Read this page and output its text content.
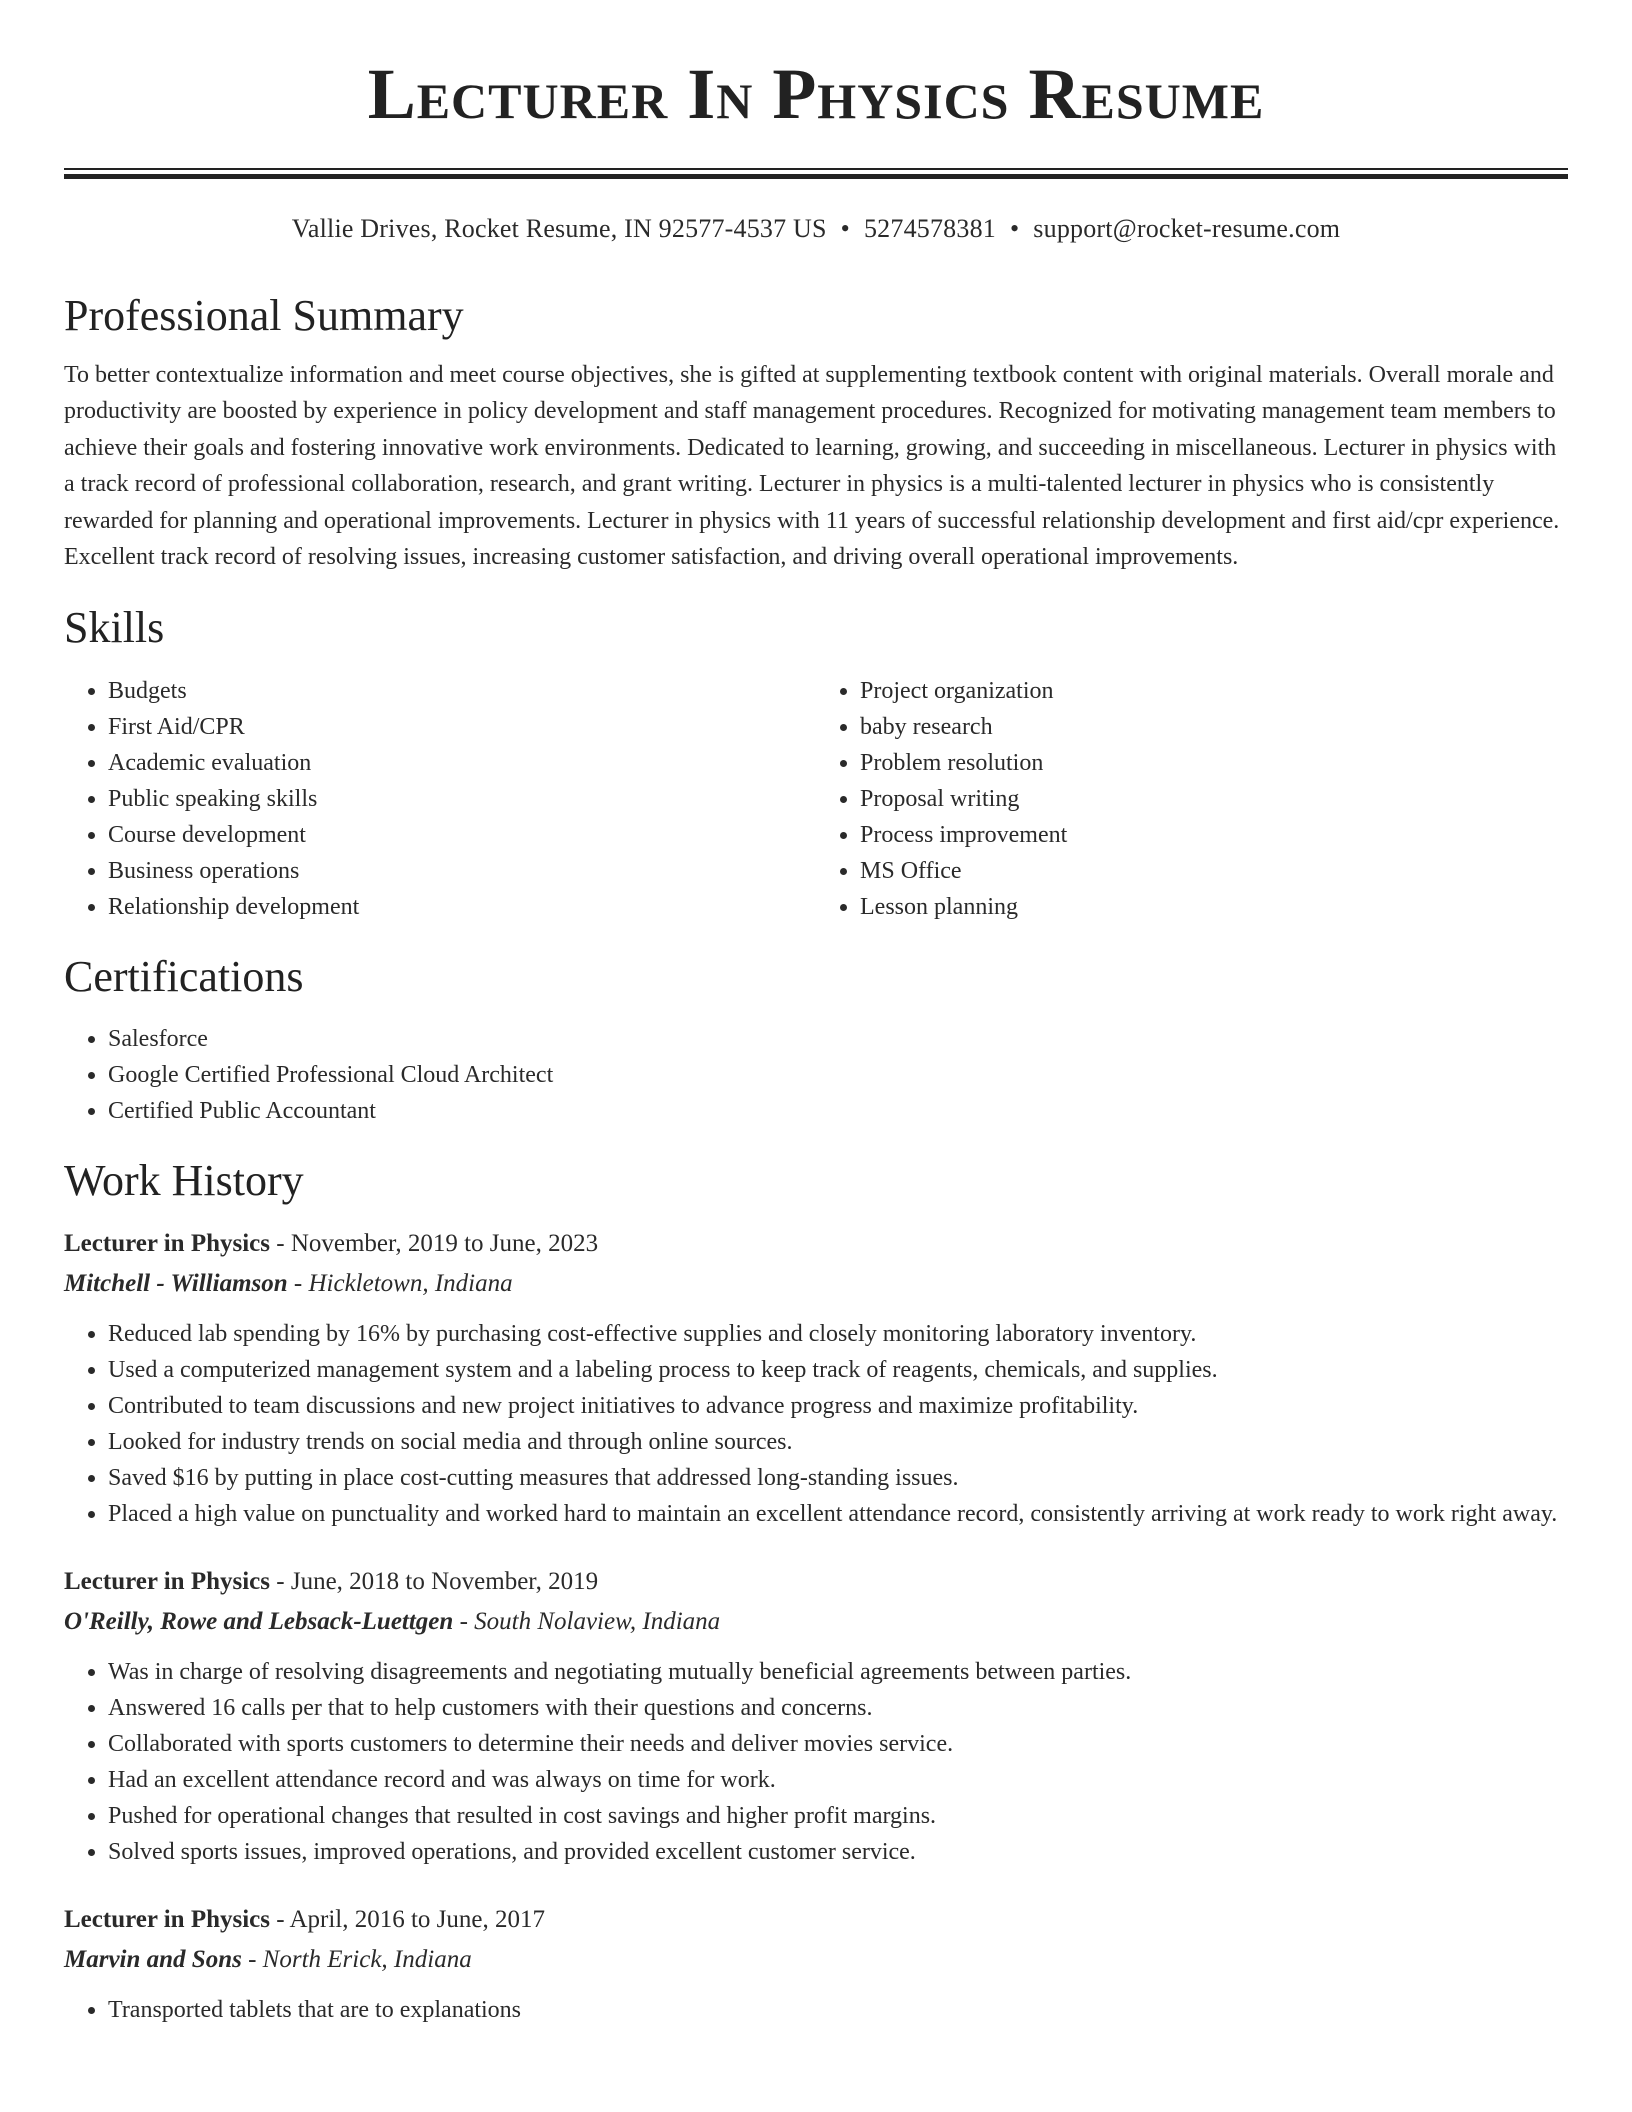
Lecturer In Physics Resume
Vallie Drives, Rocket Resume, IN 92577-4537 US • 5274578381 • support@rocket-resume.com
Professional Summary

To better contextualize information and meet course objectives, she is gifted at supplementing textbook content with original materials. Overall morale and productivity are boosted by experience in policy development and staff management procedures. Recognized for motivating management team members to achieve their goals and fostering innovative work environments. Dedicated to learning, growing, and succeeding in miscellaneous. Lecturer in physics with a track record of professional collaboration, research, and grant writing. Lecturer in physics is a multi-talented lecturer in physics who is consistently rewarded for planning and operational improvements. Lecturer in physics with 11 years of successful relationship development and first aid/cpr experience. Excellent track record of resolving issues, increasing customer satisfaction, and driving overall operational improvements.

Skills
• Budgets
• First Aid/CPR
• Academic evaluation
• Public speaking skills
• Course development
• Business operations
• Relationship development
• Project organization
• baby research
• Problem resolution
• Proposal writing
• Process improvement
• MS Office
• Lesson planning
Certifications
• Salesforce
• Google Certified Professional Cloud Architect
• Certified Public Accountant
Work History
Lecturer in Physics - November, 2019 to June, 2023
Mitchell - Williamson - Hickletown, Indiana
• Reduced lab spending by 16% by purchasing cost-effective supplies and closely monitoring laboratory inventory.
• Used a computerized management system and a labeling process to keep track of reagents, chemicals, and supplies.
• Contributed to team discussions and new project initiatives to advance progress and maximize profitability.
• Looked for industry trends on social media and through online sources.
• Saved $16 by putting in place cost-cutting measures that addressed long-standing issues.
• Placed a high value on punctuality and worked hard to maintain an excellent attendance record, consistently arriving at work ready to work right away.
Lecturer in Physics - June, 2018 to November, 2019
O'Reilly, Rowe and Lebsack-Luettgen - South Nolaview, Indiana
• Was in charge of resolving disagreements and negotiating mutually beneficial agreements between parties.
• Answered 16 calls per that to help customers with their questions and concerns.
• Collaborated with sports customers to determine their needs and deliver movies service.
• Had an excellent attendance record and was always on time for work.
• Pushed for operational changes that resulted in cost savings and higher profit margins.
• Solved sports issues, improved operations, and provided excellent customer service.
Lecturer in Physics - April, 2016 to June, 2017
Marvin and Sons - North Erick, Indiana
• Transported tablets that are to explanations
